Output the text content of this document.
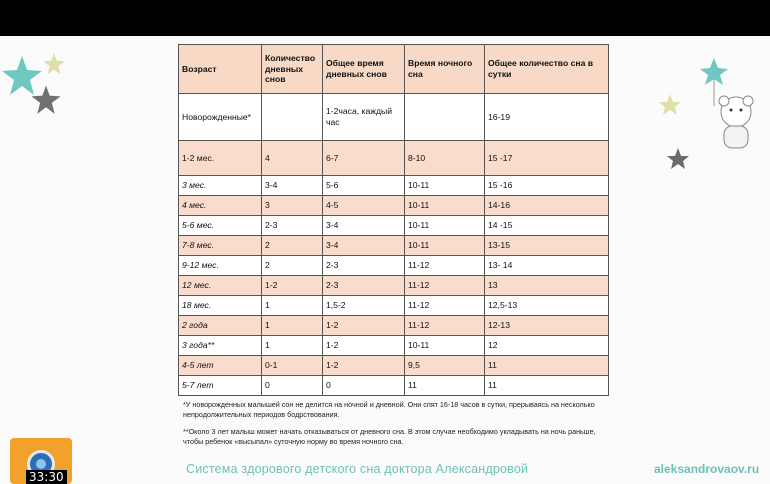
Возраст	Количество дневных снов	Общее время дневных снов	Время ночного сна	Общее количество сна в сутки
Новорожденные*		1-2часа, каждый час		16-19
1-2 мес.	4	6-7	8-10	15 -17
3 мес.	3-4	5-6	10-11	15 -16
4 мес.	3	4-5	10-11	14-16
5-6 мес.	2-3	3-4	10-11	14 -15
7-8 мес.	2	3-4	10-11	13-15
9-12 мес.	2	2-3	11-12	13- 14
12 мес.	1-2	2-3	11-12	13
18 мес.	1	1,5-2	11-12	12,5-13
2 года	1	1-2	11-12	12-13
3 года**	1	1-2	10-11	12
4-5 лет	0-1	1-2	9,5	11
5-7 лет	0	0	11	11

*У новорожденных малышей сон не делится на ночной и дневной. Они спят 16-18 часов в сутки, прерываясь на несколько непродолжительных периодов бодрствования.

**Около 3 лет малыш может начать отказываться от дневного сна. В этом случае необходимо укладывать на ночь раньше, чтобы ребенок «высыпал» суточную норму во время ночного сна.

Система здорового детского сна доктора Александровой	aleksandrovaov.ru
33:30
